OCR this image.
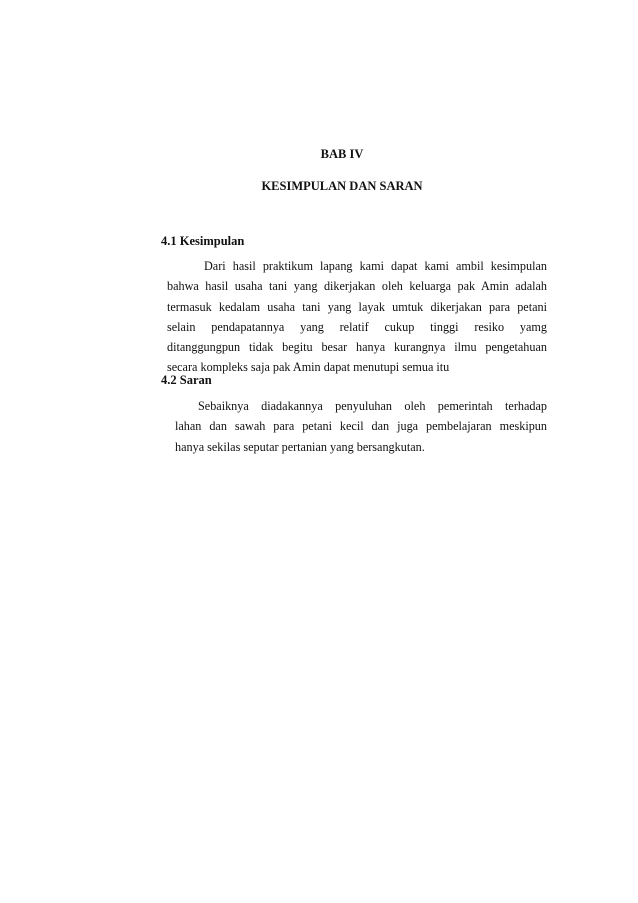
BAB IV
KESIMPULAN DAN SARAN
4.1 Kesimpulan
Dari hasil praktikum lapang kami dapat kami ambil kesimpulan
bahwa hasil usaha tani yang dikerjakan oleh keluarga pak Amin adalah
termasuk kedalam usaha tani yang layak umtuk dikerjakan para petani
selain pendapatannya yang relatif cukup tinggi resiko yamg
ditanggungpun tidak begitu besar hanya kurangnya ilmu pengetahuan
secara kompleks saja pak Amin dapat menutupi semua itu
4.2 Saran
Sebaiknya diadakannya penyuluhan oleh pemerintah terhadap
lahan dan sawah para petani kecil dan juga pembelajaran meskipun
hanya sekilas seputar pertanian yang bersangkutan.
